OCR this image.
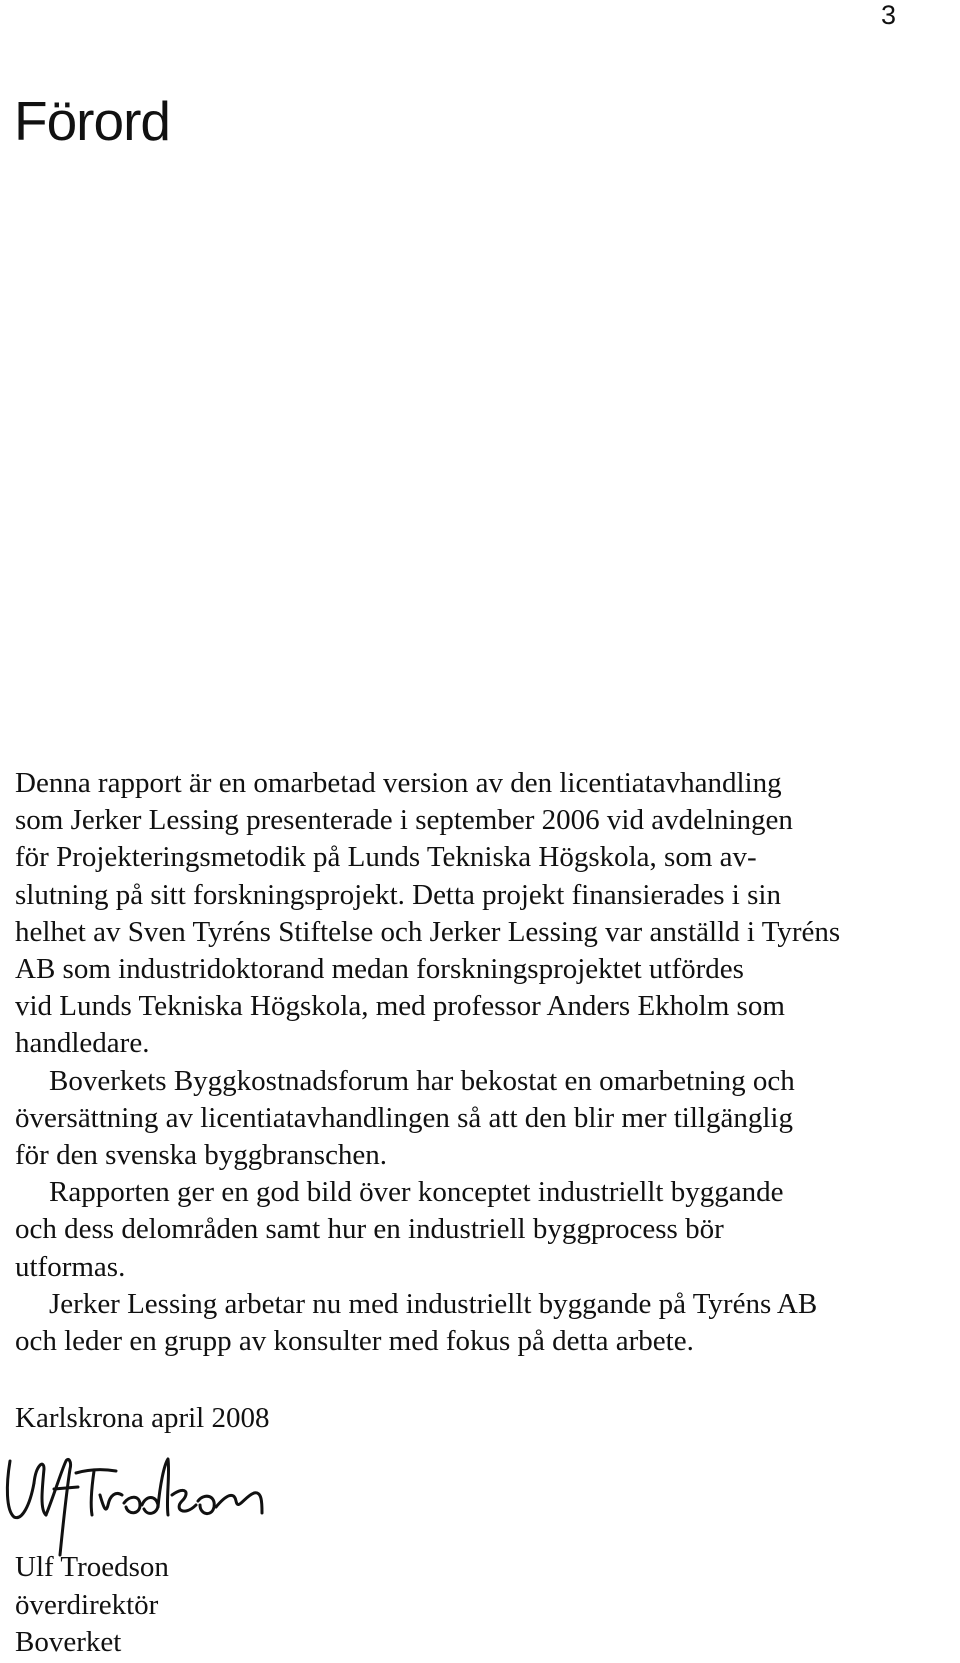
3
Förord

Denna rapport är en omarbetad version av den licentiatavhandling
som Jerker Lessing presenterade i september 2006 vid avdelningen
för Projekteringsmetodik på Lunds Tekniska Högskola, som av-
slutning på sitt forskningsprojekt. Detta projekt finansierades i sin
helhet av Sven Tyréns Stiftelse och Jerker Lessing var anställd i Tyréns
AB som industridoktorand medan forskningsprojektet utfördes
vid Lunds Tekniska Högskola, med professor Anders Ekholm som
handledare.

Boverkets Byggkostnadsforum har bekostat en omarbetning och
översättning av licentiatavhandlingen så att den blir mer tillgänglig
för den svenska byggbranschen.

Rapporten ger en god bild över konceptet industriellt byggande
och dess delområden samt hur en industriell byggprocess bör
utformas.

Jerker Lessing arbetar nu med industriellt byggande på Tyréns AB
och leder en grupp av konsulter med fokus på detta arbete.

Karlskrona april 2008
Ulf Troedson
överdirektör
Boverket
